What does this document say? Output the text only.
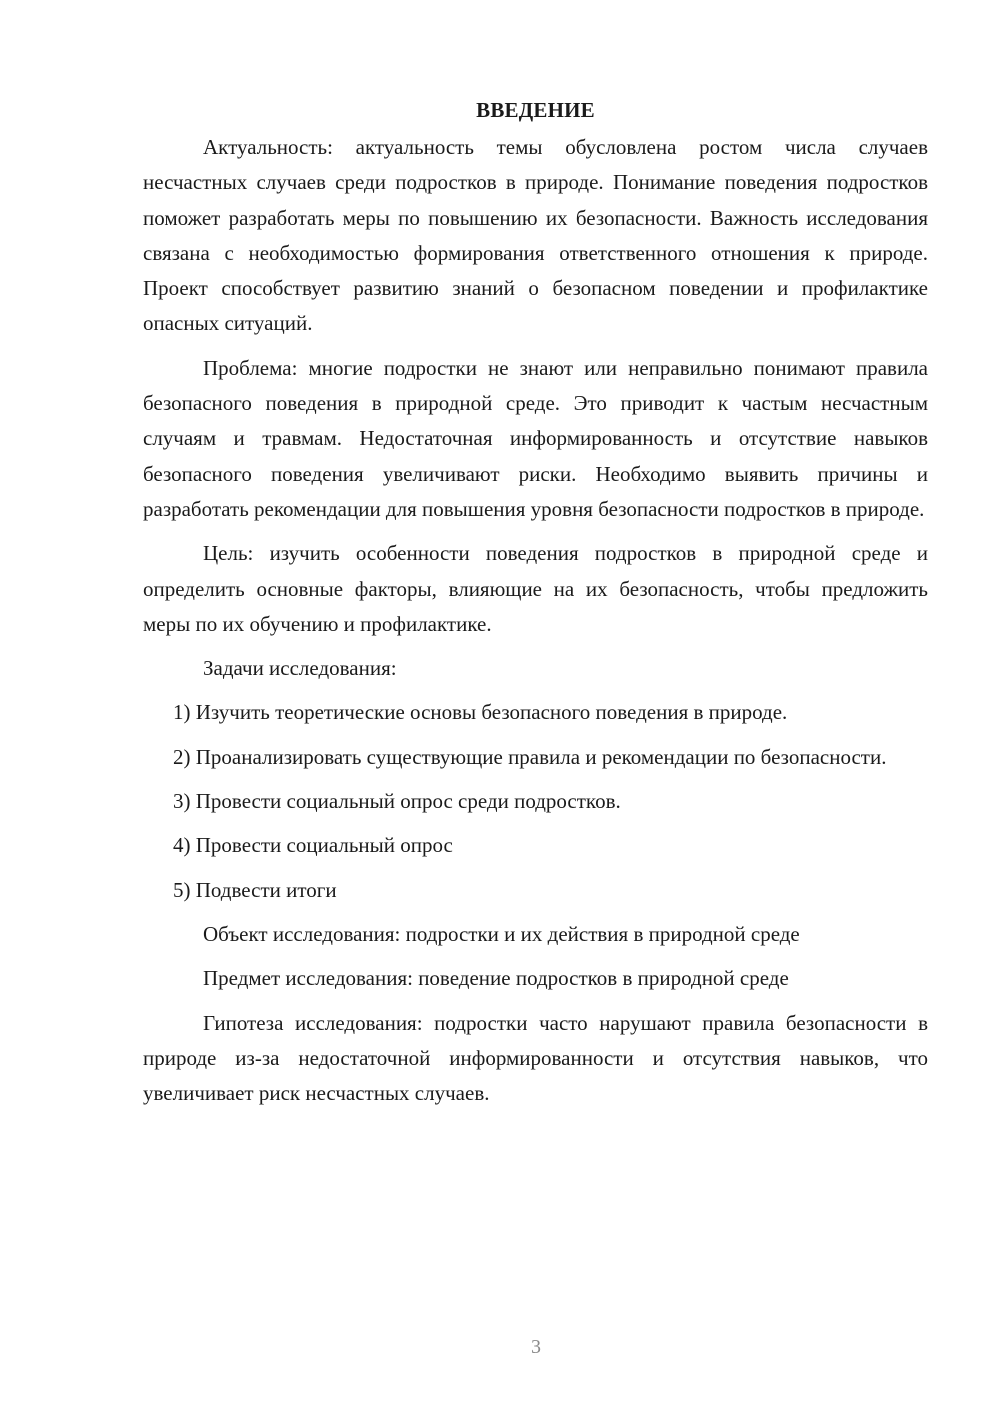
ВВЕДЕНИЕ

Актуальность: актуальность темы обусловлена ростом числа случаев несчастных случаев среди подростков в природе. Понимание поведения подростков поможет разработать меры по повышению их безопасности. Важность исследования связана с необходимостью формирования ответственного отношения к природе. Проект способствует развитию знаний о безопасном поведении и профилактике опасных ситуаций.

Проблема: многие подростки не знают или неправильно понимают правила безопасного поведения в природной среде. Это приводит к частым несчастным случаям и травмам. Недостаточная информированность и отсутствие навыков безопасного поведения увеличивают риски. Необходимо выявить причины и разработать рекомендации для повышения уровня безопасности подростков в природе.

Цель: изучить особенности поведения подростков в природной среде и определить основные факторы, влияющие на их безопасность, чтобы предложить меры по их обучению и профилактике.

Задачи исследования:

1) Изучить теоретические основы безопасного поведения в природе.

2) Проанализировать существующие правила и рекомендации по безопасности.

3) Провести социальный опрос среди подростков.

4) Провести социальный опрос

5) Подвести итоги

Объект исследования: подростки и их действия в природной среде

Предмет исследования: поведение подростков в природной среде

Гипотеза исследования: подростки часто нарушают правила безопасности в природе из-за недостаточной информированности и отсутствия навыков, что увеличивает риск несчастных случаев.

3
